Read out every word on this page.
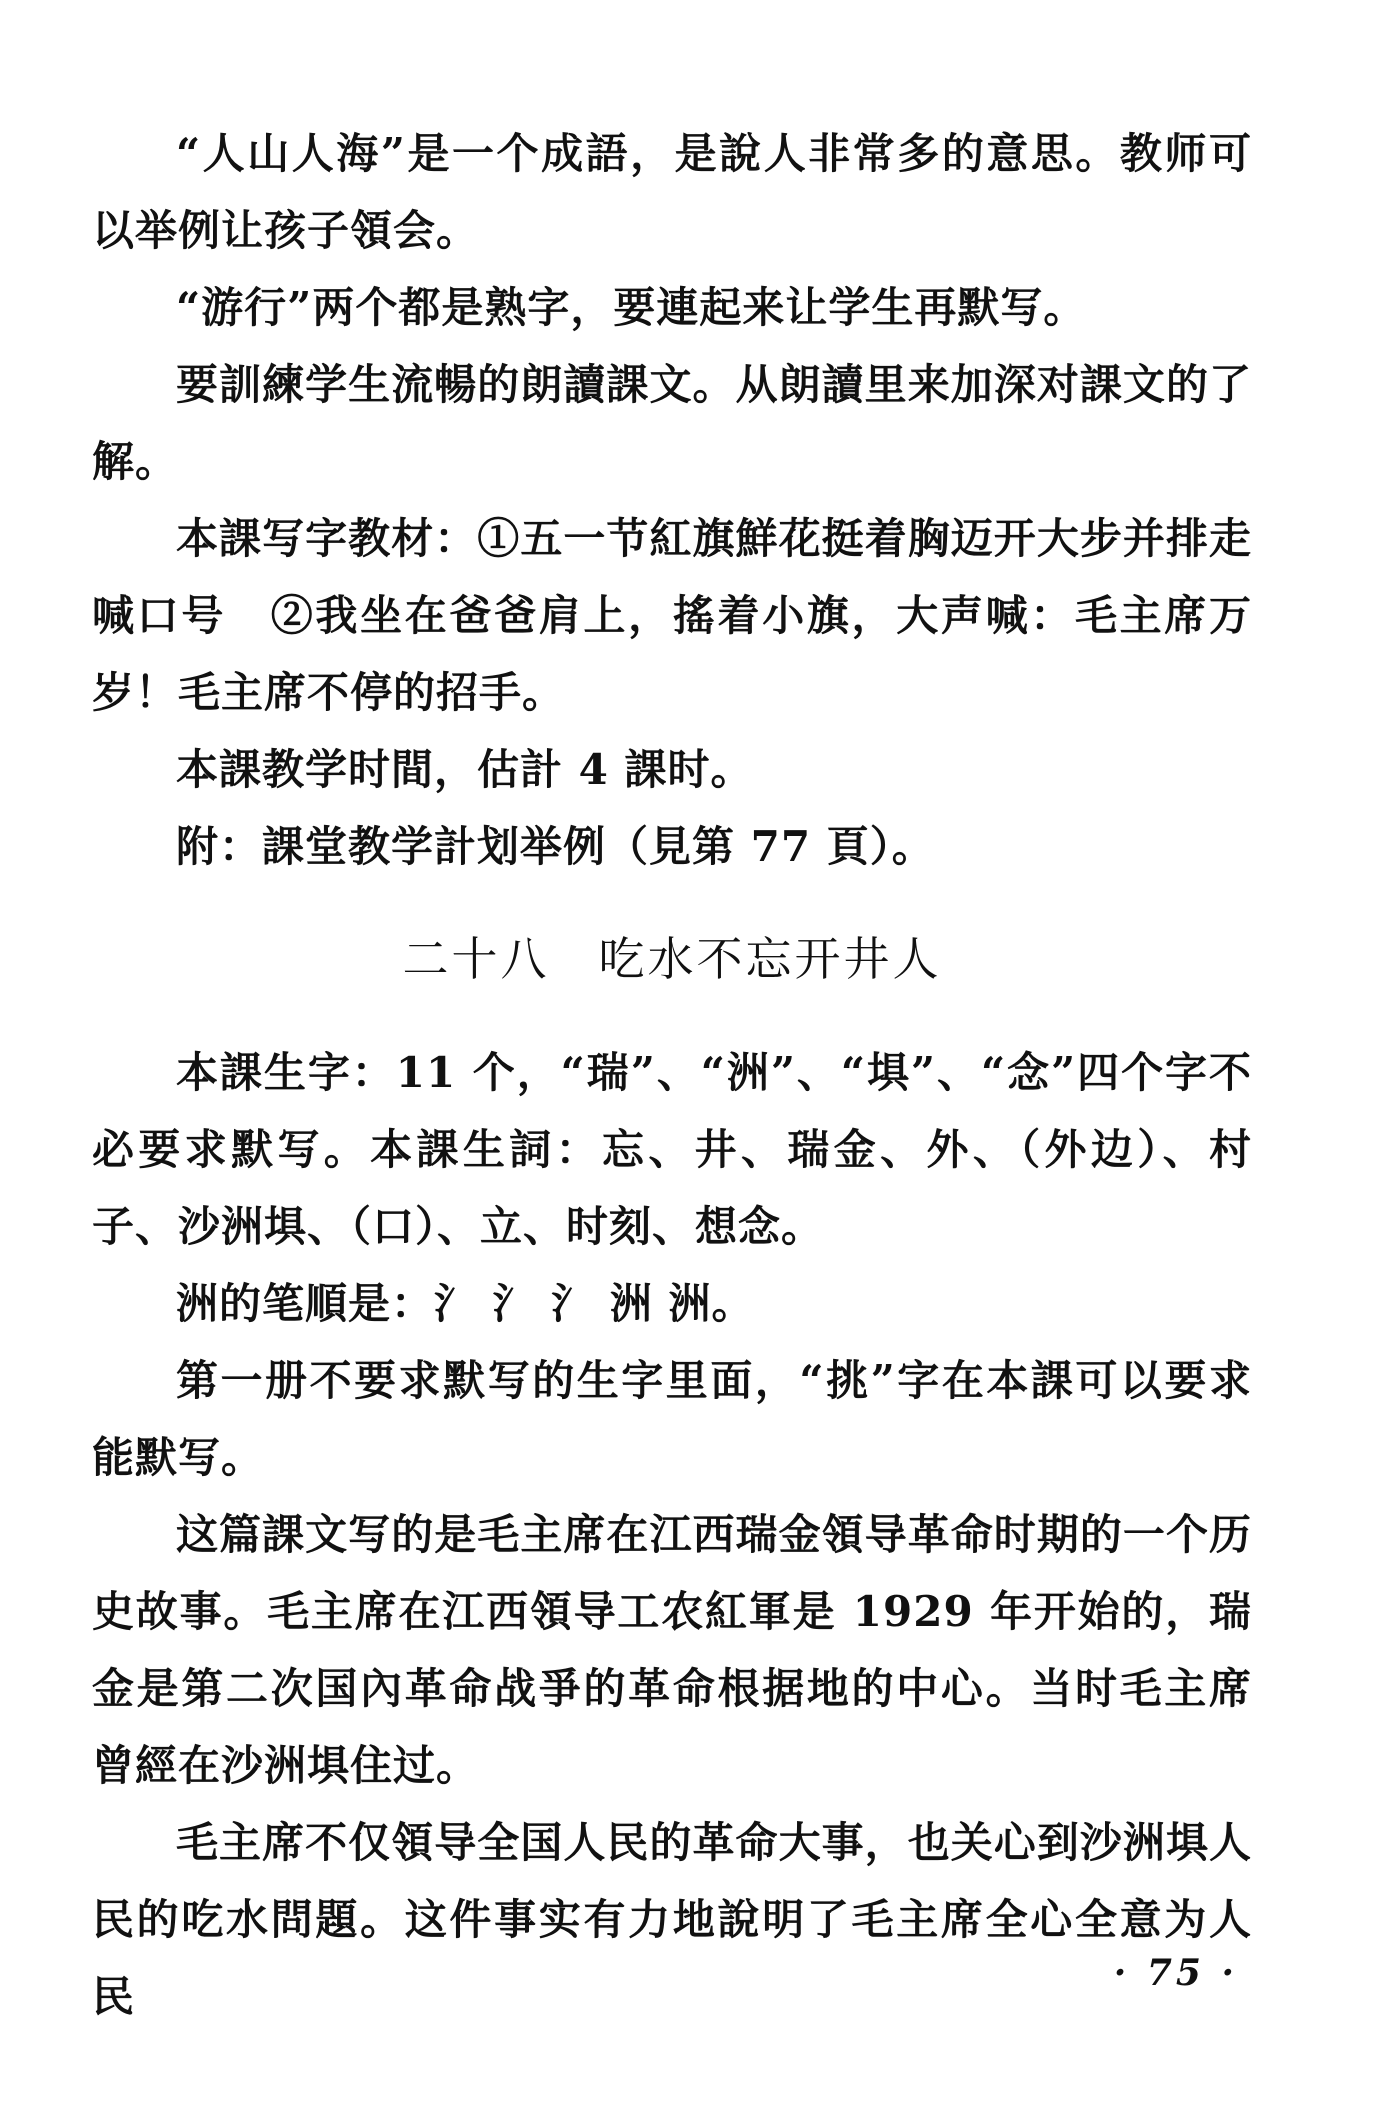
“人山人海”是一个成語，是說人非常多的意思。教师可以举例让孩子領会。

“游行”两个都是熟字，要連起来让学生再默写。

要訓練学生流暢的朗讀課文。从朗讀里来加深对課文的了解。

本課写字教材：①五一节紅旗鮮花挺着胸迈开大步并排走喊口号　②我坐在爸爸肩上，搖着小旗，大声喊：毛主席万岁！毛主席不停的招手。

本課教学时間，估計 4 課时。

附：課堂教学計划举例（見第 77 頁）。

二十八　吃水不忘开井人

本課生字：11 个，“瑞”、“洲”、“埧”、“念”四个字不必要求默写。本課生詞：忘、井、瑞金、外、（外边）、村子、沙洲埧、（口）、立、时刻、想念。

洲的笔順是：氵 氵 氵 洲 洲。

第一册不要求默写的生字里面，“挑”字在本課可以要求能默写。

这篇課文写的是毛主席在江西瑞金領导革命时期的一个历史故事。毛主席在江西領导工农紅軍是 1929 年开始的，瑞金是第二次国內革命战爭的革命根据地的中心。当时毛主席曾經在沙洲埧住过。

毛主席不仅領导全国人民的革命大事，也关心到沙洲埧人民的吃水問題。这件事实有力地說明了毛主席全心全意为人民	· 75 ·
